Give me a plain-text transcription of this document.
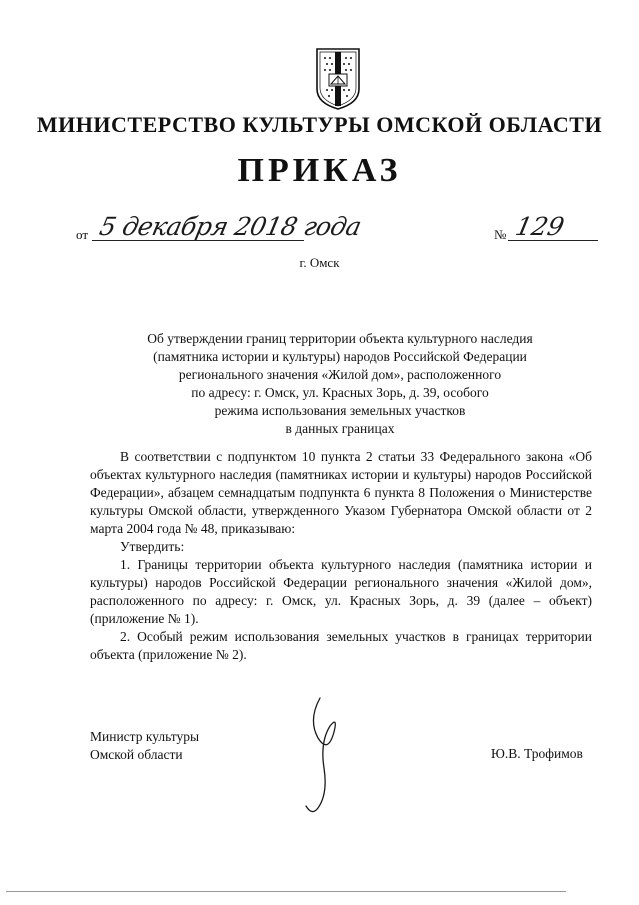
МИНИСТЕРСТВО КУЛЬТУРЫ ОМСКОЙ ОБЛАСТИ
ПРИКАЗ
от 5 декабря 2018 года	№ 129
г. Омск
Об утверждении границ территории объекта культурного наследия
(памятника истории и культуры) народов Российской Федерации
регионального значения «Жилой дом», расположенного
по адресу: г. Омск, ул. Красных Зорь, д. 39, особого
режима использования земельных участков
в данных границах

В соответствии с подпунктом 10 пункта 2 статьи 33 Федерального закона «Об объектах культурного наследия (памятниках истории и культуры) народов Российской Федерации», абзацем семнадцатым подпункта 6 пункта 8 Положения о Министерстве культуры Омской области, утвержденного Указом Губернатора Омской области от 2 марта 2004 года № 48, приказываю:

Утвердить:

1. Границы территории объекта культурного наследия (памятника истории и культуры) народов Российской Федерации регионального значения «Жилой дом», расположенного по адресу: г. Омск, ул. Красных Зорь, д. 39 (далее – объект) (приложение № 1).

2. Особый режим использования земельных участков в границах территории объекта (приложение № 2).

Министр культуры
Омской области	Ю.В. Трофимов
